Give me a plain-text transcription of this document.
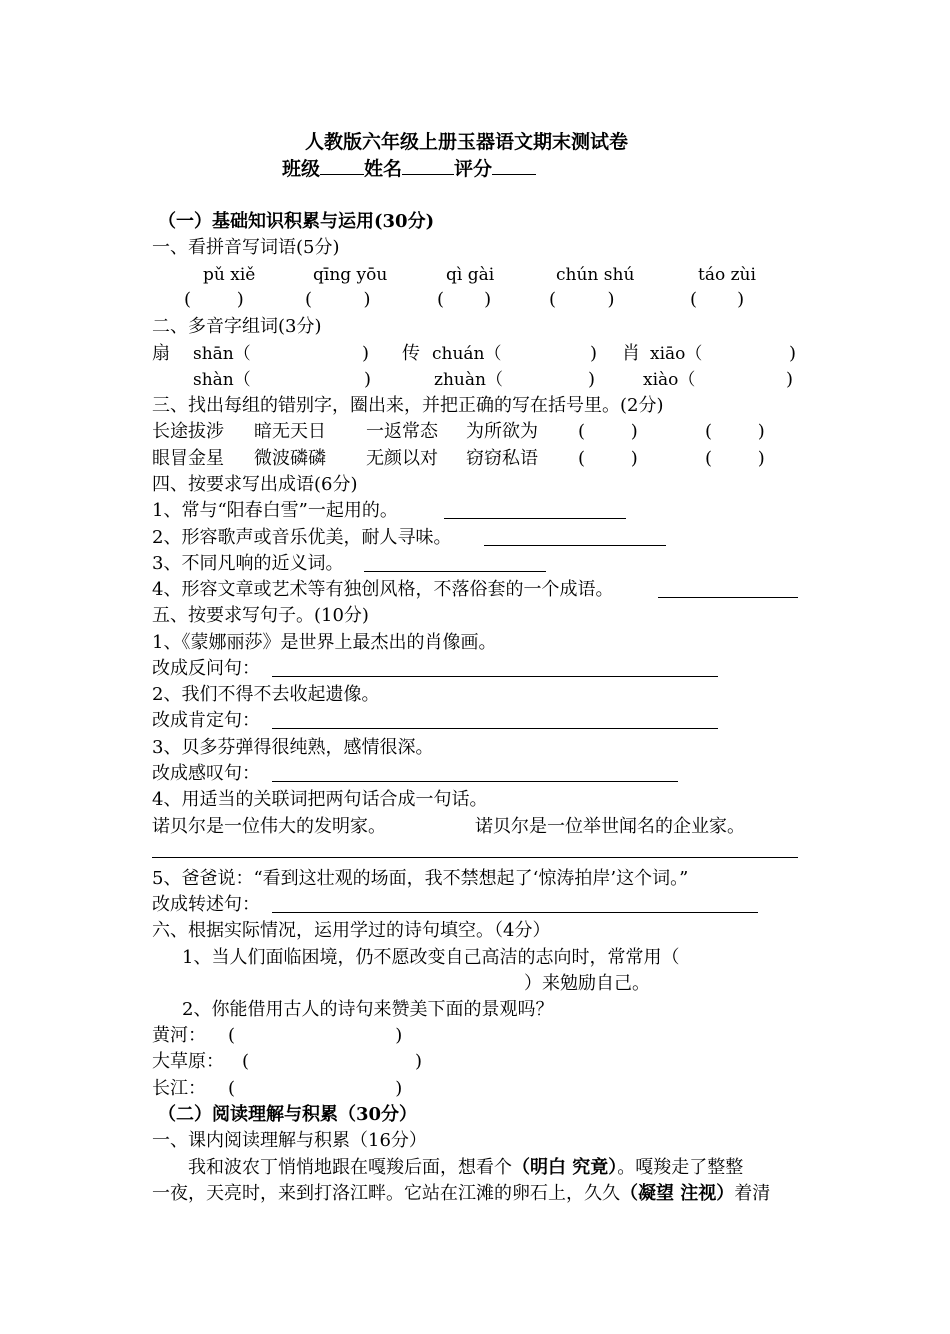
人教版六年级上册玉器语文期末测试卷
班级 姓名	评分
（一）基础知识积累与运用(30分)
一、看拼音写词语(5分)
pǔ xiě	qīng yōu	qì gài	chún shú	táo zùi
(        )	(         )	(       )	(         )	(       )
二、多音字组词(3分)
扇 shān（	) 传 chuán（	) 肖 xiāo（	)
shàn（	)	zhuàn（	)	xiào（	)
三、找出每组的错别字，圈出来，并把正确的写在括号里。(2分)
长途拔涉 暗无天日 一返常态 为所欲为 (        )	(        )
眼冒金星 微波磷磷 无颜以对 窃窃私语 (        )	(        )
四、按要求写出成语(6分)
1、常与“阳春白雪”一起用的。
2、形容歌声或音乐优美，耐人寻味。
3、不同凡响的近义词。
4、形容文章或艺术等有独创风格，不落俗套的一个成语。
五、按要求写句子。(10分)
1、《蒙娜丽莎》是世界上最杰出的肖像画。
改成反问句：
2、我们不得不去收起遗像。
改成肯定句：
3、贝多芬弹得很纯熟，感情很深。
改成感叹句：
4、用适当的关联词把两句话合成一句话。
诺贝尔是一位伟大的发明家。	诺贝尔是一位举世闻名的企业家。
5、爸爸说：“看到这壮观的场面，我不禁想起了‘惊涛拍岸’这个词。”
改成转述句：
六、根据实际情况，运用学过的诗句填空。（4分）
1、当人们面临困境，仍不愿改变自己高洁的志向时，常常用（
）来勉励自己。
2、你能借用古人的诗句来赞美下面的景观吗？
黄河： (                            )
大草原： (                             )
长江： (                            )
（二）阅读理解与积累（30分）
一、课内阅读理解与积累（16分）
我和波农丁悄悄地跟在嘎羧后面，想看个（明白 究竟）。嘎羧走了整整
一夜，天亮时，来到打洛江畔。它站在江滩的卵石上，久久（凝望 注视）着清
